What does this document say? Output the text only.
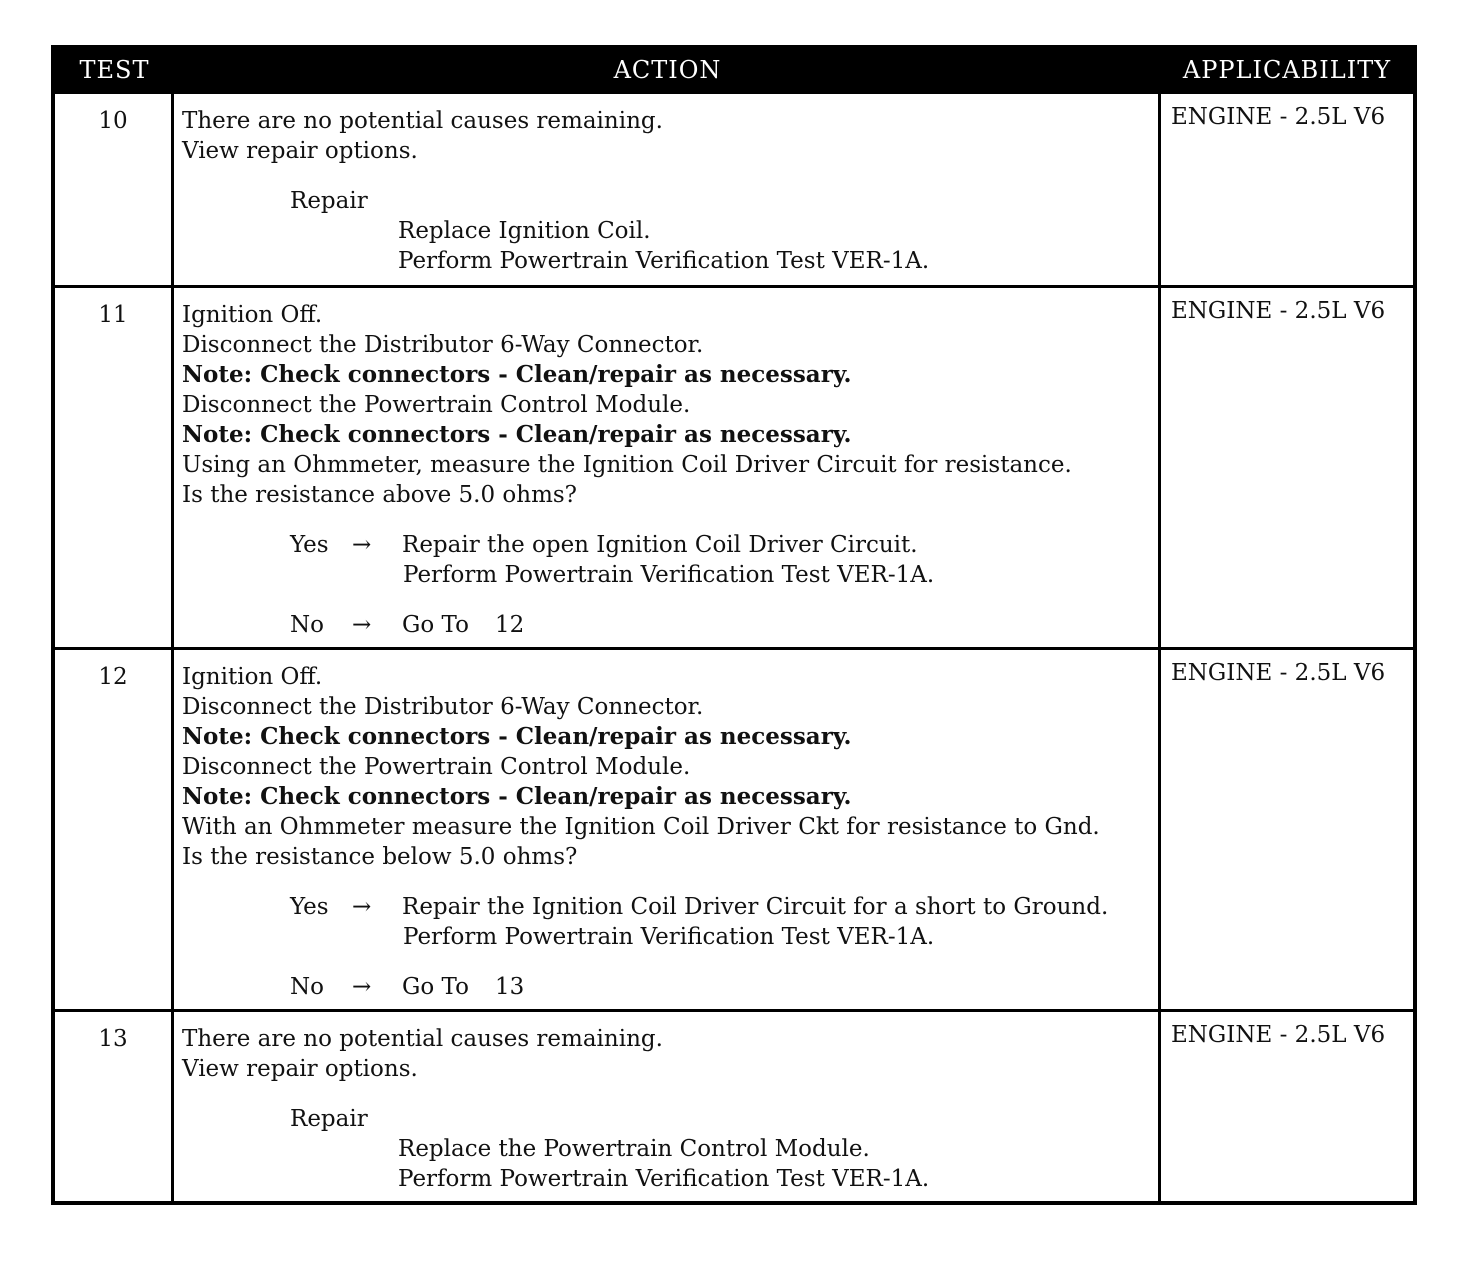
TEST	ACTION	APPLICABILITY
10	There are no potential causes remaining.
View repair options.
Repair
Replace Ignition Coil.
Perform Powertrain Verification Test VER-1A.
ENGINE - 2.5L V6
11	Ignition Off.
Disconnect the Distributor 6-Way Connector.
Note: Check connectors - Clean/repair as necessary.
Disconnect the Powertrain Control Module.
Note: Check connectors - Clean/repair as necessary.
Using an Ohmmeter, measure the Ignition Coil Driver Circuit for resistance.
Is the resistance above 5.0 ohms?
Yes	→	Repair the open Ignition Coil Driver Circuit.
Perform Powertrain Verification Test VER-1A.
No	→	Go To 12
ENGINE - 2.5L V6
12	Ignition Off.
Disconnect the Distributor 6-Way Connector.
Note: Check connectors - Clean/repair as necessary.
Disconnect the Powertrain Control Module.
Note: Check connectors - Clean/repair as necessary.
With an Ohmmeter measure the Ignition Coil Driver Ckt for resistance to Gnd.
Is the resistance below 5.0 ohms?
Yes	→	Repair the Ignition Coil Driver Circuit for a short to Ground.
Perform Powertrain Verification Test VER-1A.
No	→	Go To 13
ENGINE - 2.5L V6
13	There are no potential causes remaining.
View repair options.
Repair
Replace the Powertrain Control Module.
Perform Powertrain Verification Test VER-1A.
ENGINE - 2.5L V6
